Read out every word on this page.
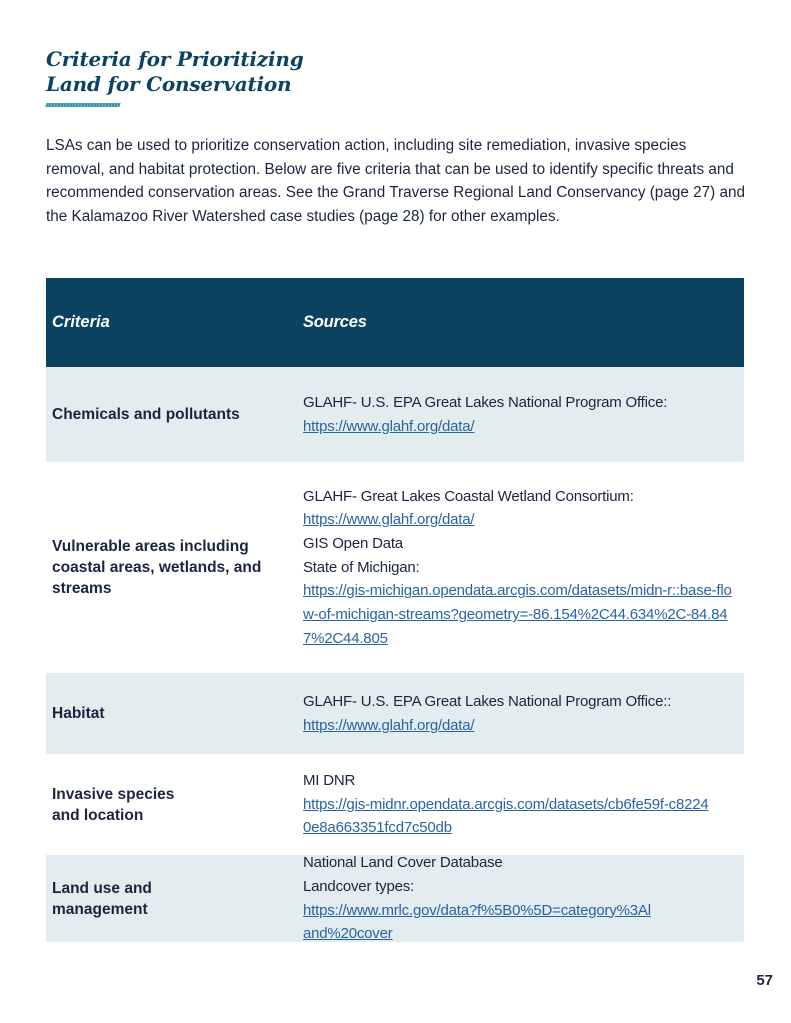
Criteria for Prioritizing
Land for Conservation

LSAs can be used to prioritize conservation action, including site remediation, invasive species removal, and habitat protection. Below are five criteria that can be used to identify specific threats and recommended conservation areas. See the Grand Traverse Regional Land Conservancy (page 27) and the Kalamazoo River Watershed case studies (page 28) for other examples.

Criteria	Sources
Chemicals and pollutants
GLAHF- U.S. EPA Great Lakes National Program Office:
https://www.glahf.org/data/
Vulnerable areas including coastal areas, wetlands, and streams
GLAHF- Great Lakes Coastal Wetland Consortium:
https://www.glahf.org/data/
GIS Open Data
State of Michigan:
https://gis-michigan.opendata.arcgis.com/datasets/midn-r::base-flow-of-michigan-streams?geometry=-86.154%2C44.634%2C-84.847%2C44.805
Habitat
GLAHF- U.S. EPA Great Lakes National Program Office::
https://www.glahf.org/data/
Invasive species and location
MI DNR
https://gis-midnr.opendata.arcgis.com/datasets/cb6fe59f-c82240e8a663351fcd7c50db
Land use and management
National Land Cover Database
Landcover types:
https://www.mrlc.gov/data?f%5B0%5D=category%3Aland%20cover
57
